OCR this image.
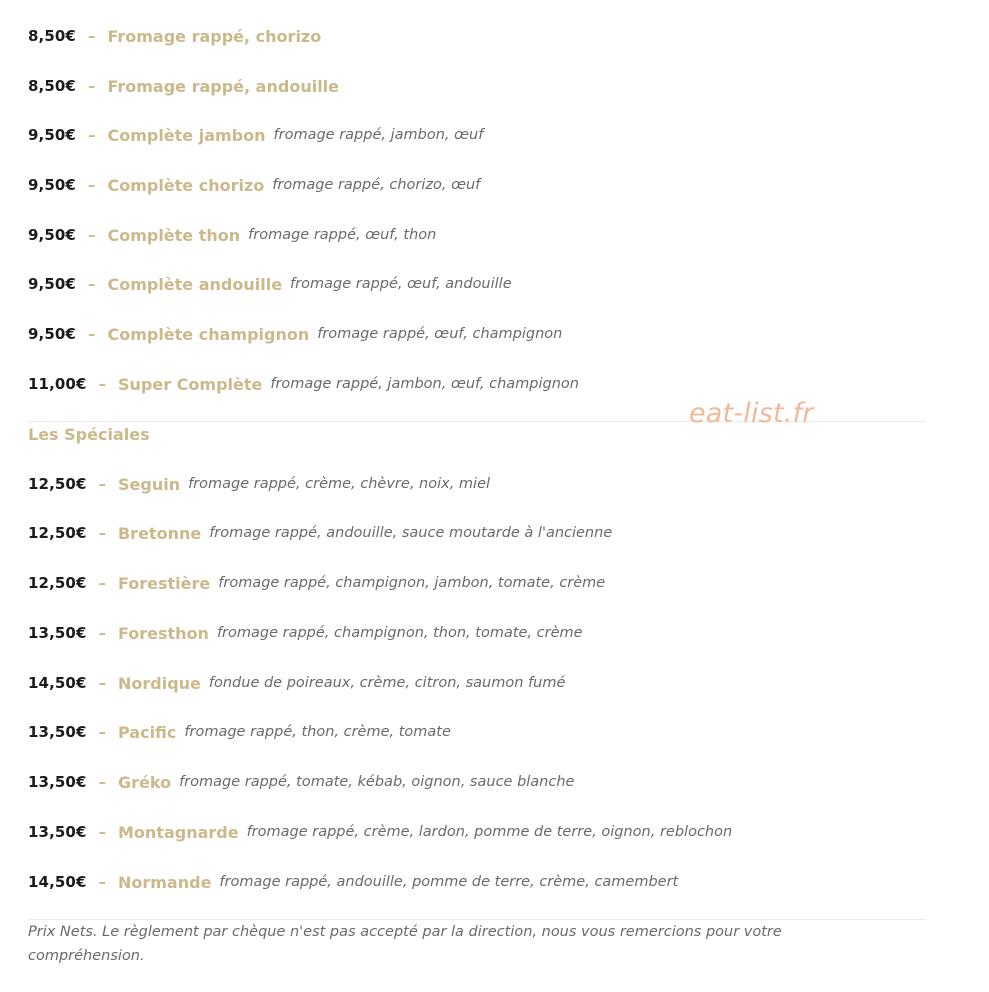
8,50€ – Fromage rappé, chorizo
8,50€ – Fromage rappé, andouille
9,50€ – Complète jambon fromage rappé, jambon, œuf
9,50€ – Complète chorizo fromage rappé, chorizo, œuf
9,50€ – Complète thon fromage rappé, œuf, thon
9,50€ – Complète andouille fromage rappé, œuf, andouille
9,50€ – Complète champignon fromage rappé, œuf, champignon
11,00€ – Super Complète fromage rappé, jambon, œuf, champignon
Les Spéciales
12,50€ – Seguin fromage rappé, crème, chèvre, noix, miel
12,50€ – Bretonne fromage rappé, andouille, sauce moutarde à l'ancienne
12,50€ – Forestière fromage rappé, champignon, jambon, tomate, crème
13,50€ – Foresthon fromage rappé, champignon, thon, tomate, crème
14,50€ – Nordique fondue de poireaux, crème, citron, saumon fumé
13,50€ – Pacific fromage rappé, thon, crème, tomate
13,50€ – Gréko fromage rappé, tomate, kébab, oignon, sauce blanche
13,50€ – Montagnarde fromage rappé, crème, lardon, pomme de terre, oignon, reblochon
14,50€ – Normande fromage rappé, andouille, pomme de terre, crème, camembert
Prix Nets. Le règlement par chèque n'est pas accepté par la direction, nous vous remercions pour votre compréhension.
eat-list.fr
